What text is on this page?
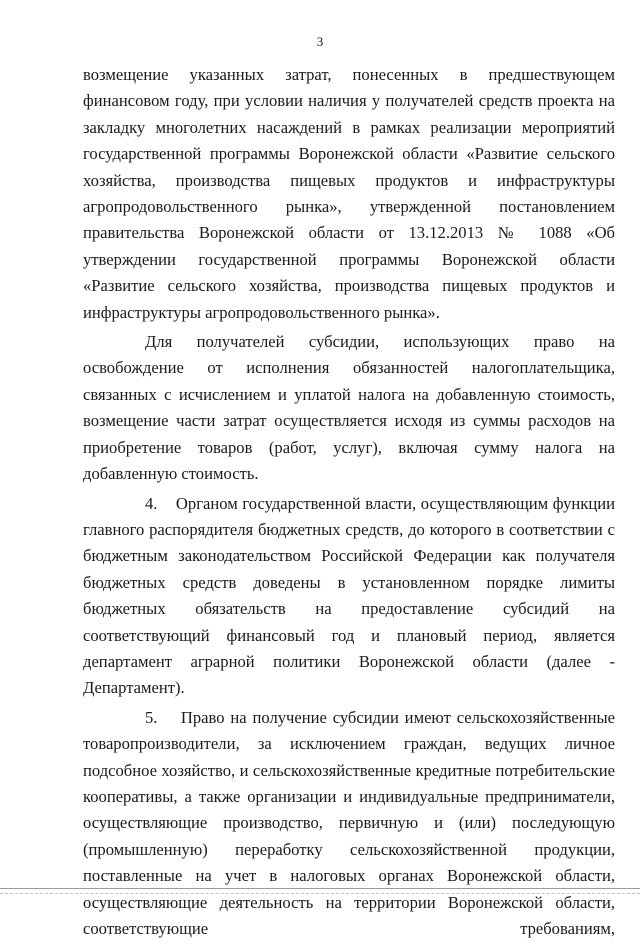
3

возмещение указанных затрат, понесенных в предшествующем финансовом году, при условии наличия у получателей средств проекта на закладку многолетних насаждений в рамках реализации мероприятий государственной программы Воронежской области «Развитие сельского хозяйства, производства пищевых продуктов и инфраструктуры агропродовольственного рынка», утвержденной постановлением правительства Воронежской области от 13.12.2013 № 1088 «Об утверждении государственной программы Воронежской области «Развитие сельского хозяйства, производства пищевых продуктов и инфраструктуры агропродовольственного рынка».

Для получателей субсидии, использующих право на освобождение от исполнения обязанностей налогоплательщика, связанных с исчислением и уплатой налога на добавленную стоимость, возмещение части затрат осуществляется исходя из суммы расходов на приобретение товаров (работ, услуг), включая сумму налога на добавленную стоимость.

4.    Органом государственной власти, осуществляющим функции главного распорядителя бюджетных средств, до которого в соответствии с бюджетным законодательством Российской Федерации как получателя бюджетных средств доведены в установленном порядке лимиты бюджетных обязательств на предоставление субсидий на соответствующий финансовый год и плановый период, является департамент аграрной политики Воронежской области (далее - Департамент).

5.    Право на получение субсидии имеют сельскохозяйственные товаропроизводители, за исключением граждан, ведущих личное подсобное хозяйство, и сельскохозяйственные кредитные потребительские кооперативы, а также организации и индивидуальные предприниматели, осуществляющие производство, первичную и (или) последующую (промышленную) переработку сельскохозяйственной продукции, поставленные на учет в налоговых органах Воронежской области, осуществляющие деятельность на территории Воронежской области, соответствующие требованиям,
